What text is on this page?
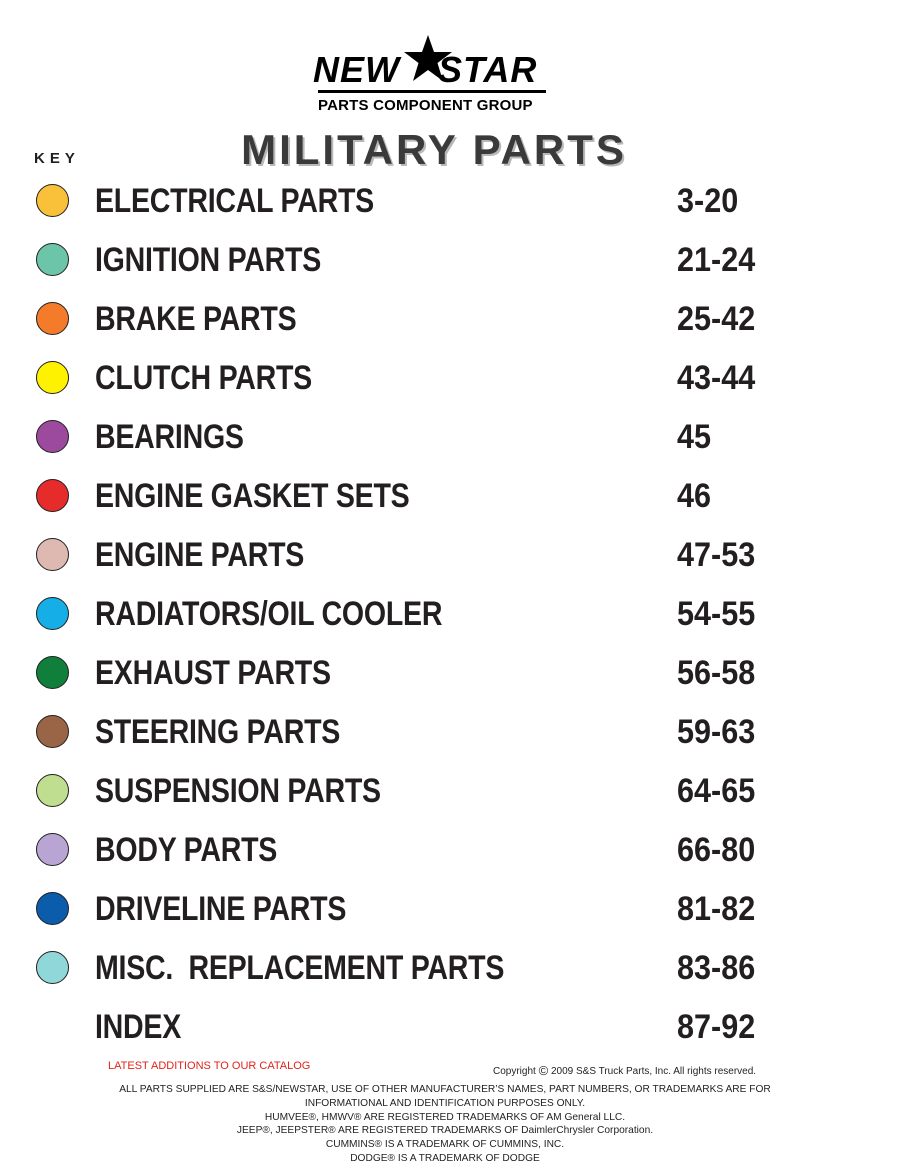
NEW STAR
PARTS COMPONENT GROUP
KEY	MILITARY PARTS
ELECTRICAL PARTS	3-20
IGNITION PARTS	21-24
BRAKE PARTS	25-42
CLUTCH PARTS	43-44
BEARINGS	45
ENGINE GASKET SETS	46
ENGINE PARTS	47-53
RADIATORS/OIL COOLER	54-55
EXHAUST PARTS	56-58
STEERING PARTS	59-63
SUSPENSION PARTS	64-65
BODY PARTS	66-80
DRIVELINE PARTS	81-82
MISC.  REPLACEMENT PARTS	83-86
INDEX	87-92
LATEST ADDITIONS TO OUR CATALOG	Copyright © 2009 S&S Truck Parts, Inc. All rights reserved.
ALL PARTS SUPPLIED ARE S&S/NEWSTAR, USE OF OTHER MANUFACTURER’S NAMES, PART NUMBERS, OR TRADEMARKS ARE FOR
INFORMATIONAL AND IDENTIFICATION PURPOSES ONLY.
HUMVEE®, HMWV® ARE REGISTERED TRADEMARKS OF AM General LLC.
JEEP®, JEEPSTER® ARE REGISTERED TRADEMARKS OF DaimlerChrysler Corporation.
CUMMINS® IS A TRADEMARK OF CUMMINS, INC.
DODGE® IS A TRADEMARK OF DODGE
